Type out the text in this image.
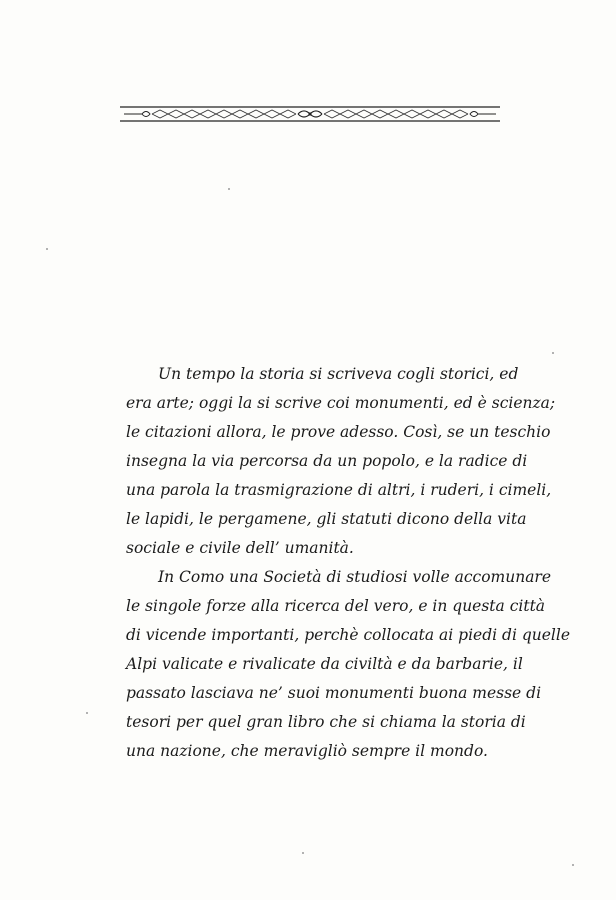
Un tempo la storia si scriveva cogli storici, ed
era arte; oggi la si scrive coi monumenti, ed è scienza;
le citazioni allora, le prove adesso. Così, se un teschio
insegna la via percorsa da un popolo, e la radice di
una parola la trasmigrazione di altri, i ruderi, i cimeli,
le lapidi, le pergamene, gli statuti dicono della vita
sociale e civile dell’ umanità.
In Como una Società di studiosi volle accomunare
le singole forze alla ricerca del vero, e in questa città
di vicende importanti, perchè collocata ai piedi di quelle
Alpi valicate e rivalicate da civiltà e da barbarie, il
passato lasciava ne’ suoi monumenti buona messe di
tesori per quel gran libro che si chiama la storia di
una nazione, che meravigliò sempre il mondo.
